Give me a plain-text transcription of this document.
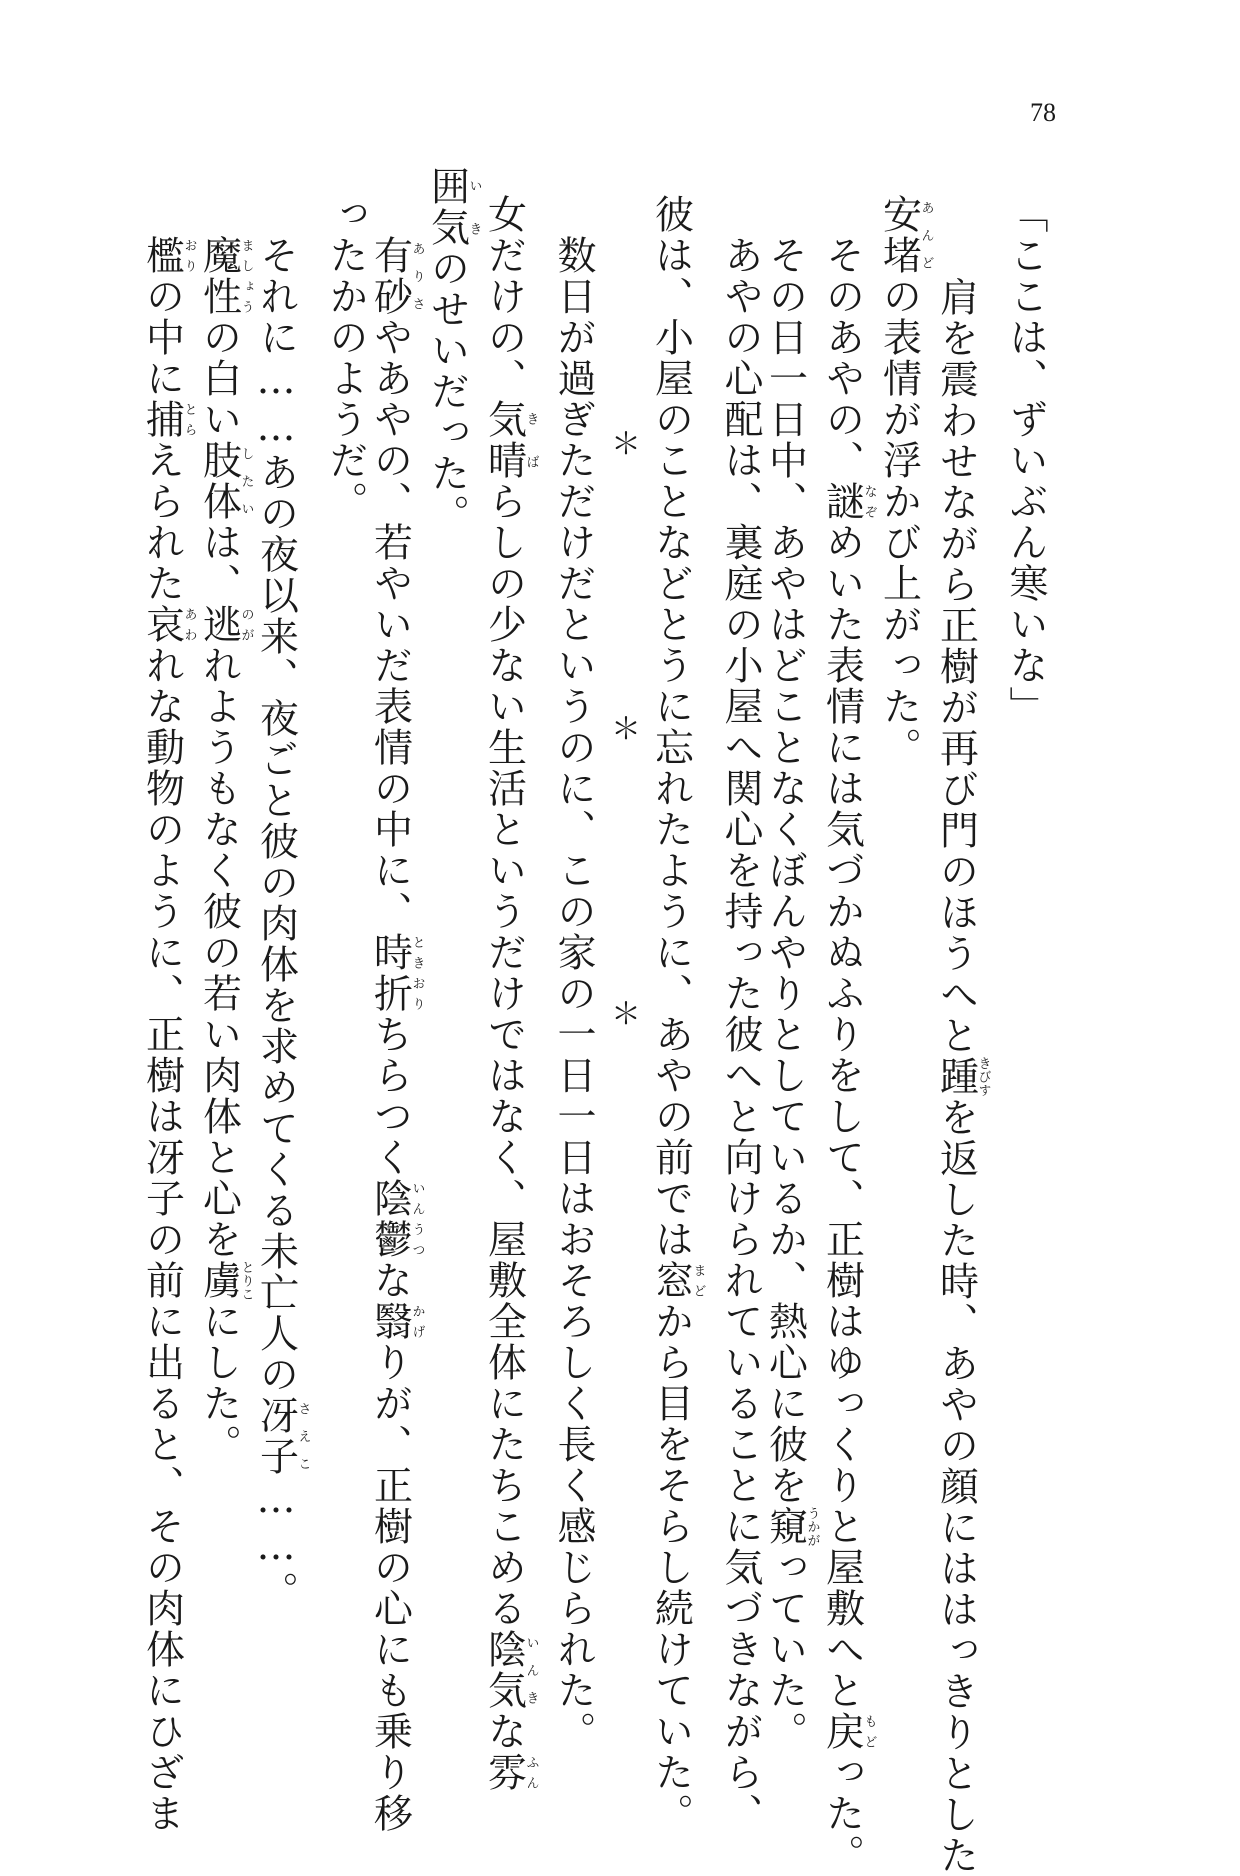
78
「ここは、ずいぶん寒いな」
　肩を震わせながら正樹が再び門のほうへと踵きびすを返した時、あやの顔にははっきりとした
安堵あんどの表情が浮かび上がった。
　そのあやの、謎なぞめいた表情には気づかぬふりをして、正樹はゆっくりと屋敷へと戻もどった。
　その日一日中、あやはどことなくぼんやりとしているか、熱心に彼を窺うかがっていた。
　あやの心配は、裏庭の小屋へ関心を持った彼へと向けられていることに気づきながら、
彼は、小屋のことなどとうに忘れたように、あやの前では窓まどから目をそらし続けていた。
＊
＊
＊
　数日が過ぎただけだというのに、この家の一日一日はおそろしく長く感じられた。
女だけの、気晴きばらしの少ない生活というだけではなく、屋敷全体にたちこめる陰気いんきな雰ふん
囲気いきのせいだった。
　有砂ありさやあやの、若やいだ表情の中に、時折ときおりちらつく陰鬱いんうつな翳かげりが、正樹の心にも乗り移
ったかのようだ。
　それに……あの夜以来、夜ごと彼の肉体を求めてくる未亡人の冴子さえこ……。
　魔性ましょうの白い肢体したいは、逃のがれようもなく彼の若い肉体と心を虜とりこにした。
　檻おりの中に捕とらえられた哀あわれな動物のように、正樹は冴子の前に出ると、その肉体にひざま
